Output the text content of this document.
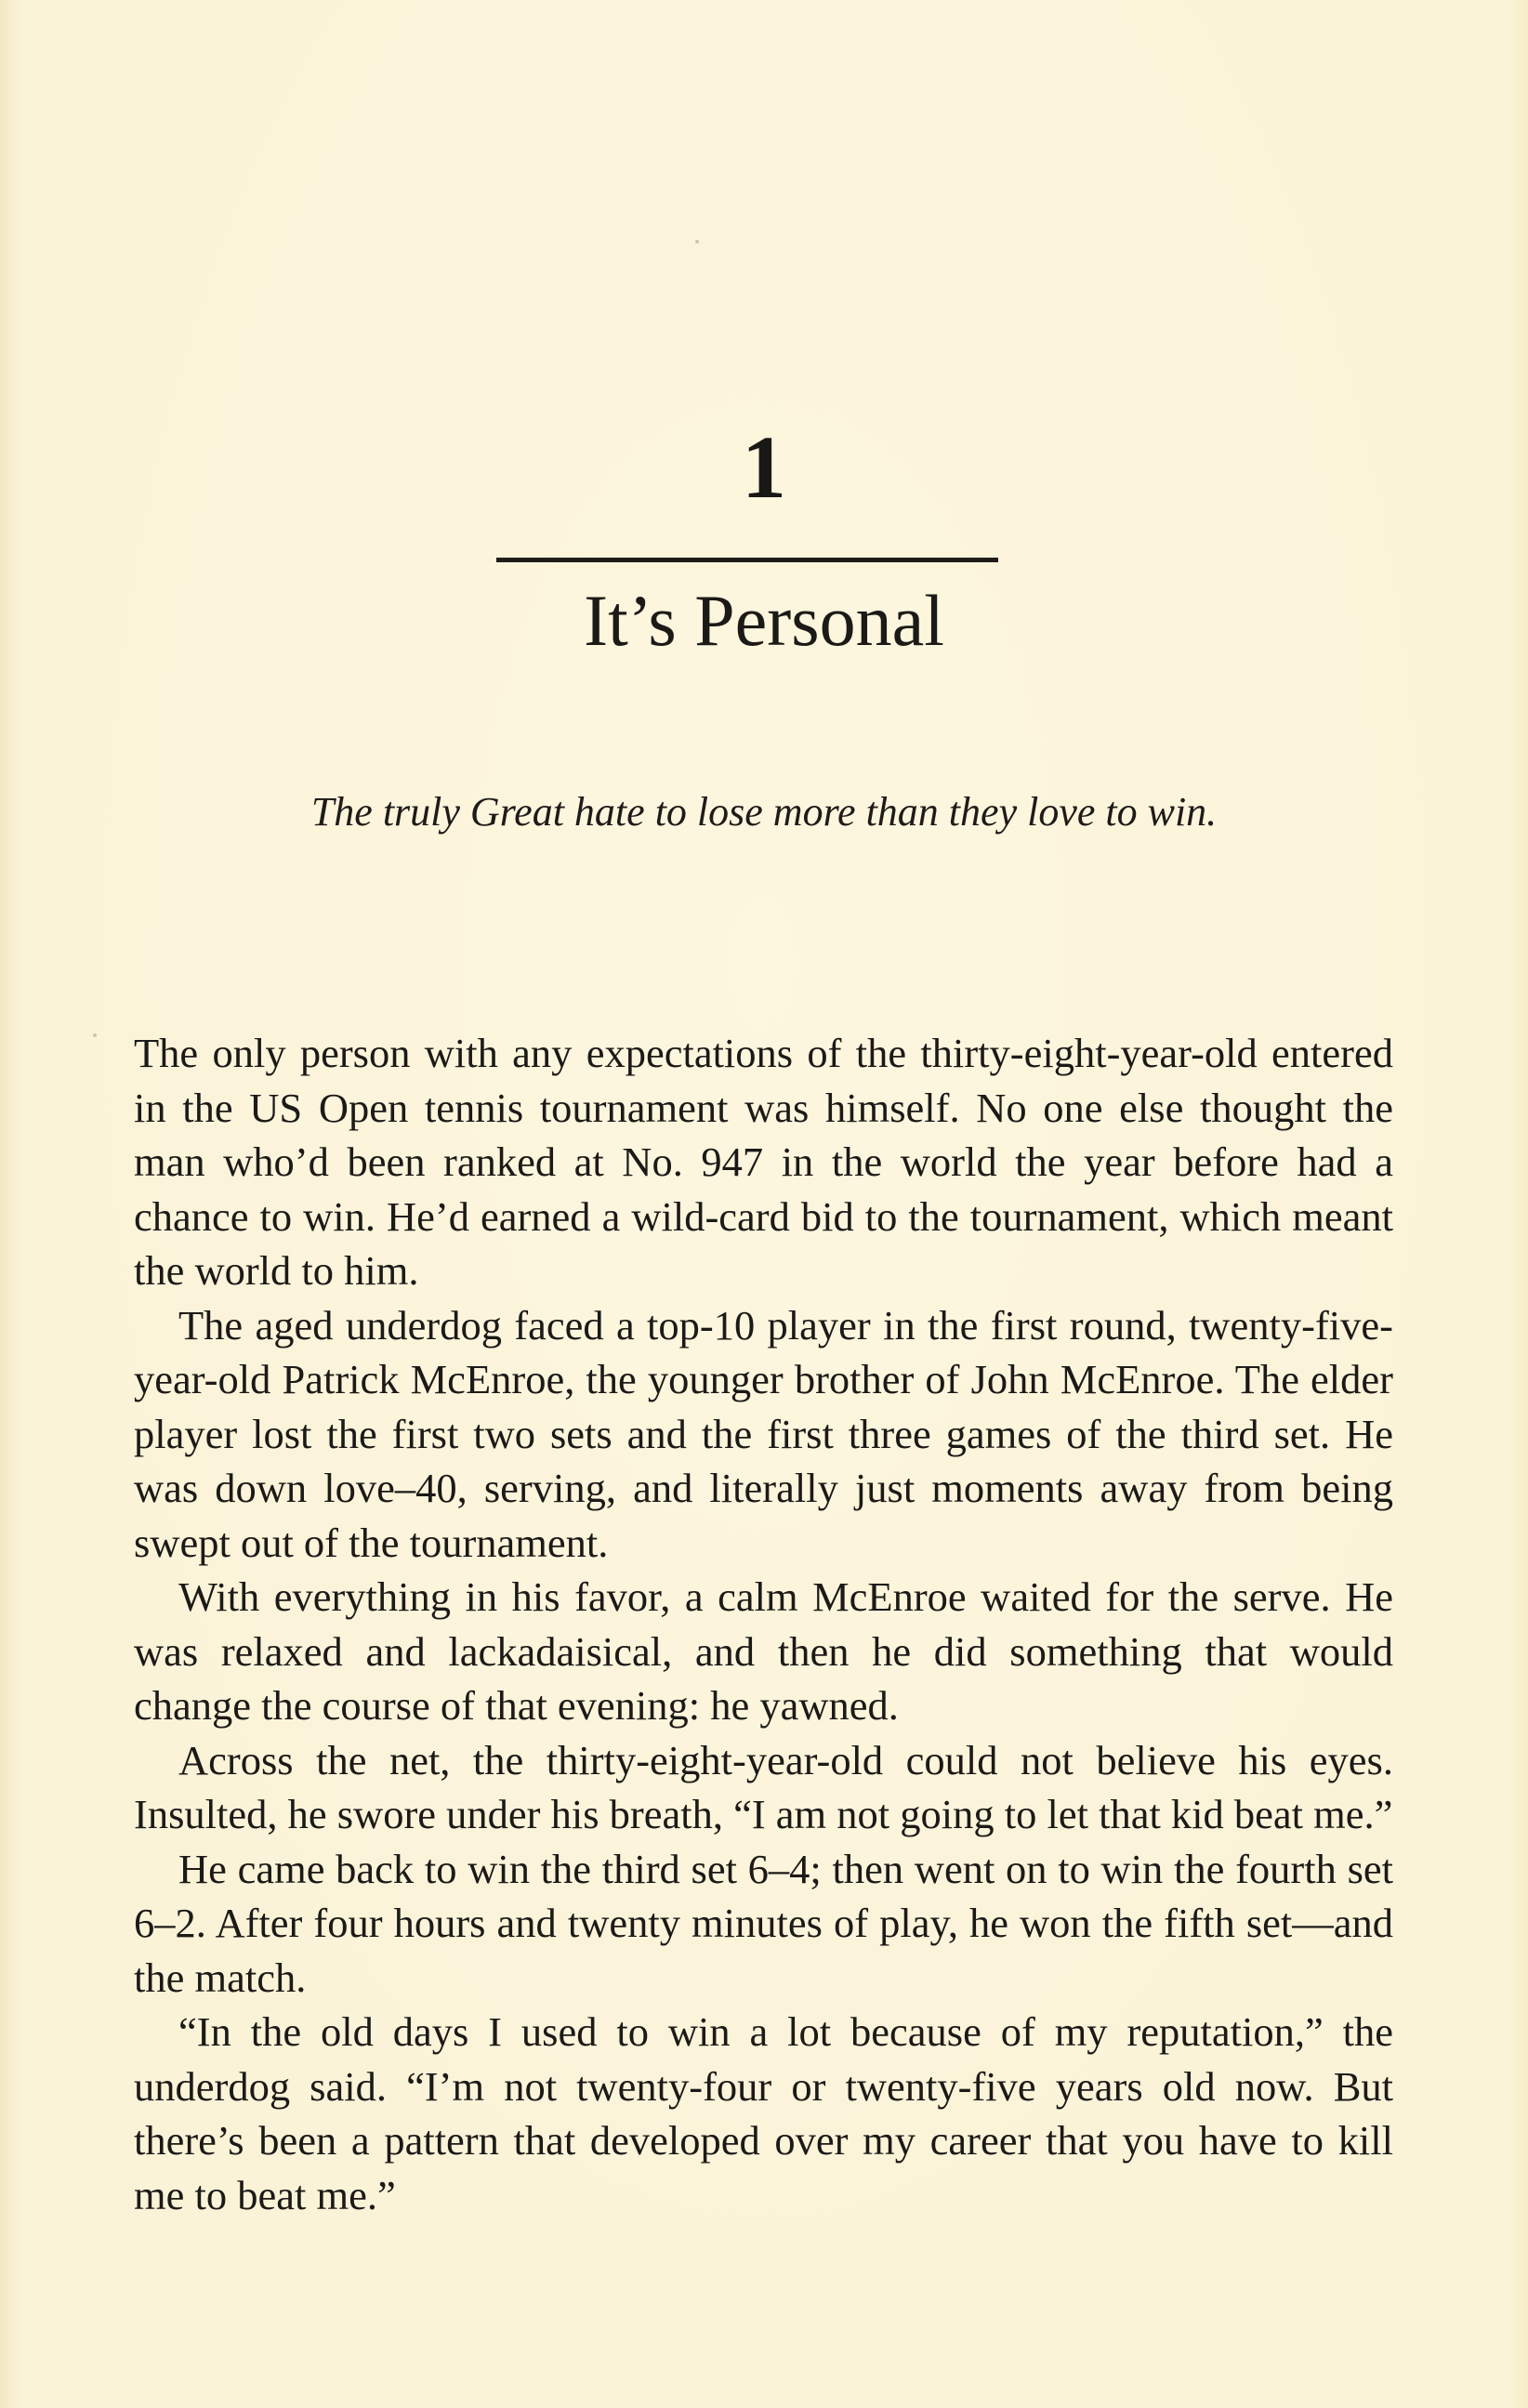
1
It’s Personal
The truly Great hate to lose more than they love to win.

The only person with any expectations of the thirty-eight-year-old entered in the US Open tennis tournament was himself. No one else thought the man who’d been ranked at No. 947 in the world the year before had a chance to win. He’d earned a wild-card bid to the tournament, which meant the world to him.

The aged underdog faced a top-10 player in the first round, twenty-five-year-old Patrick McEnroe, the younger brother of John McEnroe. The elder player lost the first two sets and the first three games of the third set. He was down love–40, serving, and literally just moments away from being swept out of the tournament.

With everything in his favor, a calm McEnroe waited for the serve. He was relaxed and lackadaisical, and then he did something that would change the course of that evening: he yawned.

Across the net, the thirty-eight-year-old could not believe his eyes. Insulted, he swore under his breath, “I am not going to let that kid beat me.”

He came back to win the third set 6–4; then went on to win the fourth set 6–2. After four hours and twenty minutes of play, he won the fifth set—and the match.

“In the old days I used to win a lot because of my reputation,” the underdog said. “I’m not twenty-four or twenty-five years old now. But there’s been a pattern that developed over my career that you have to kill me to beat me.”
